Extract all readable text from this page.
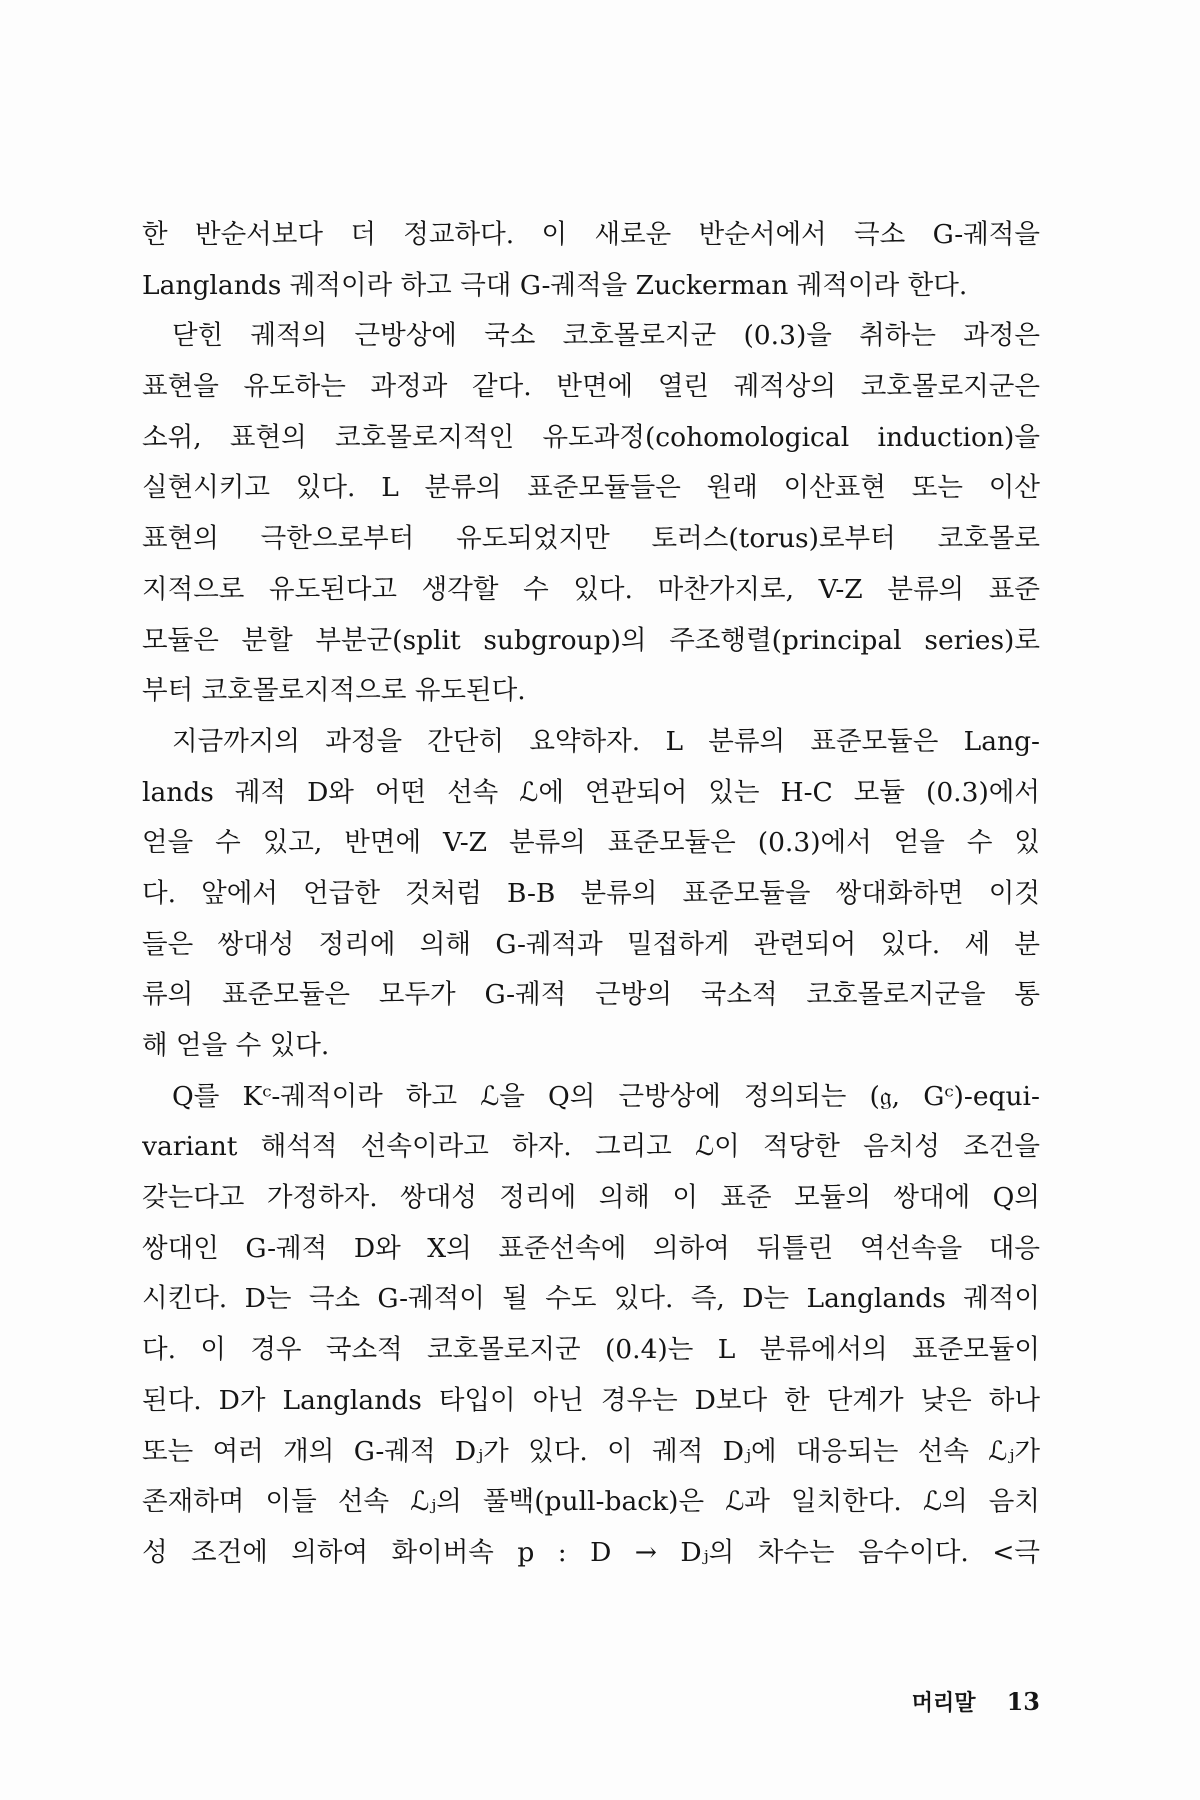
한 반순서보다 더 정교하다. 이 새로운 반순서에서 극소 G-궤적을
Langlands 궤적이라 하고 극대 G-궤적을 Zuckerman 궤적이라 한다.
닫힌 궤적의 근방상에 국소 코호몰로지군 (0.3)을 취하는 과정은
표현을 유도하는 과정과 같다. 반면에 열린 궤적상의 코호몰로지군은
소위, 표현의 코호몰로지적인 유도과정(cohomological induction)을
실현시키고 있다. L 분류의 표준모듈들은 원래 이산표현 또는 이산
표현의 극한으로부터 유도되었지만 토러스(torus)로부터 코호몰로
지적으로 유도된다고 생각할 수 있다. 마찬가지로, V-Z 분류의 표준
모듈은 분할 부분군(split subgroup)의 주조행렬(principal series)로
부터 코호몰로지적으로 유도된다.
지금까지의 과정을 간단히 요약하자. L 분류의 표준모듈은 Lang-
lands 궤적 D와 어떤 선속 ℒ에 연관되어 있는 H-C 모듈 (0.3)에서
얻을 수 있고, 반면에 V-Z 분류의 표준모듈은 (0.3)에서 얻을 수 있
다. 앞에서 언급한 것처럼 B-B 분류의 표준모듈을 쌍대화하면 이것
들은 쌍대성 정리에 의해 G-궤적과 밀접하게 관련되어 있다. 세 분
류의 표준모듈은 모두가 G-궤적 근방의 국소적 코호몰로지군을 통
해 얻을 수 있다.
Q를 Kᶜ-궤적이라 하고 ℒ을 Q의 근방상에 정의되는 (𝔤, Gᶜ)-equi-
variant 해석적 선속이라고 하자. 그리고 ℒ이 적당한 음치성 조건을
갖는다고 가정하자. 쌍대성 정리에 의해 이 표준 모듈의 쌍대에 Q의
쌍대인 G-궤적 D와 X의 표준선속에 의하여 뒤틀린 역선속을 대응
시킨다. D는 극소 G-궤적이 될 수도 있다. 즉, D는 Langlands 궤적이
다. 이 경우 국소적 코호몰로지군 (0.4)는 L 분류에서의 표준모듈이
된다. D가 Langlands 타입이 아닌 경우는 D보다 한 단계가 낮은 하나
또는 여러 개의 G-궤적 Dⱼ가 있다. 이 궤적 Dⱼ에 대응되는 선속 ℒⱼ가
존재하며 이들 선속 ℒⱼ의 풀백(pull-back)은 ℒ과 일치한다. ℒ의 음치
성 조건에 의하여 화이버속 p : D → Dⱼ의 차수는 음수이다. <극
머리말 13
